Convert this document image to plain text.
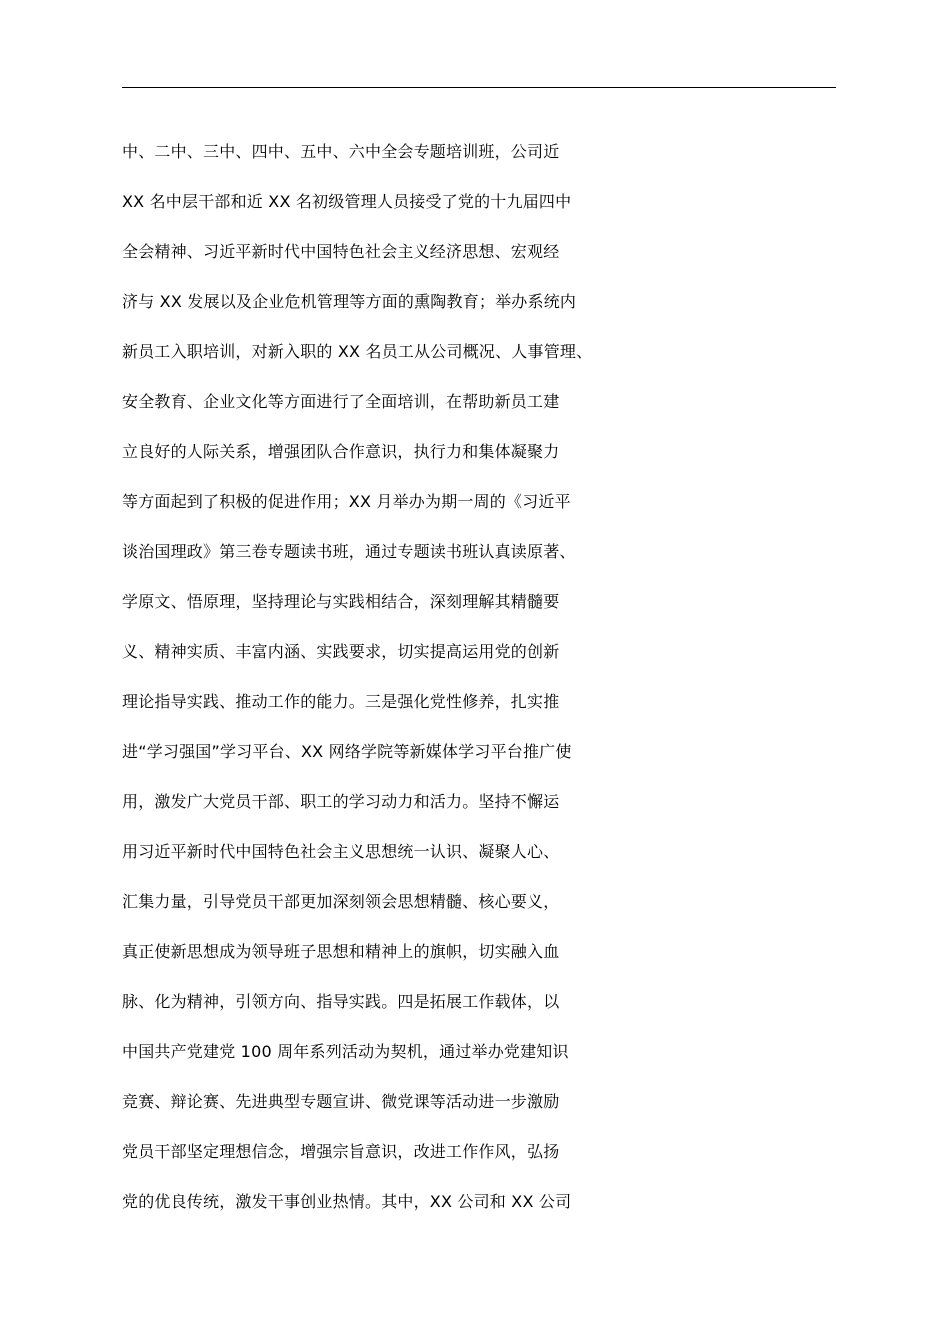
中、二中、三中、四中、五中、六中全会专题培训班，公司近
XX 名中层干部和近 XX 名初级管理人员接受了党的十九届四中
全会精神、习近平新时代中国特色社会主义经济思想、宏观经
济与 XX 发展以及企业危机管理等方面的熏陶教育；举办系统内
新员工入职培训，对新入职的 XX 名员工从公司概况、人事管理、
安全教育、企业文化等方面进行了全面培训，在帮助新员工建
立良好的人际关系，增强团队合作意识，执行力和集体凝聚力
等方面起到了积极的促进作用；XX 月举办为期一周的《习近平
谈治国理政》第三卷专题读书班，通过专题读书班认真读原著、
学原文、悟原理，坚持理论与实践相结合，深刻理解其精髓要
义、精神实质、丰富内涵、实践要求，切实提高运用党的创新
理论指导实践、推动工作的能力。三是强化党性修养，扎实推
进“学习强国”学习平台、XX 网络学院等新媒体学习平台推广使
用，激发广大党员干部、职工的学习动力和活力。坚持不懈运
用习近平新时代中国特色社会主义思想统一认识、凝聚人心、
汇集力量，引导党员干部更加深刻领会思想精髓、核心要义，
真正使新思想成为领导班子思想和精神上的旗帜，切实融入血
脉、化为精神，引领方向、指导实践。四是拓展工作载体，以
中国共产党建党 100 周年系列活动为契机，通过举办党建知识
竞赛、辩论赛、先进典型专题宣讲、微党课等活动进一步激励
党员干部坚定理想信念，增强宗旨意识，改进工作作风，弘扬
党的优良传统，激发干事创业热情。其中，XX 公司和 XX 公司
